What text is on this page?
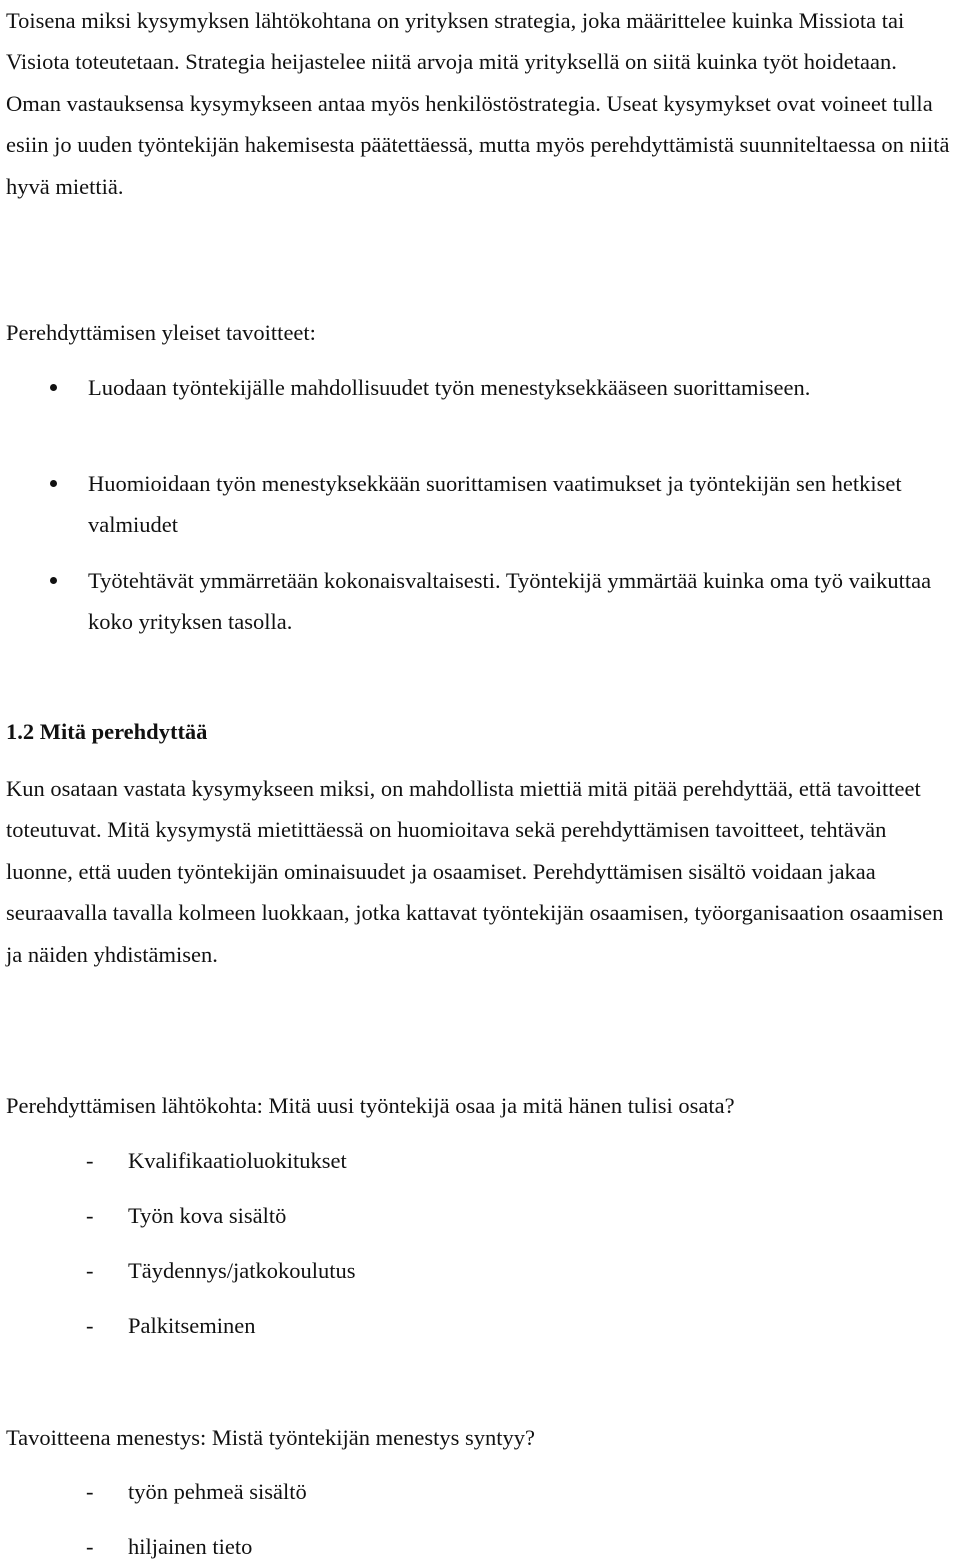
Toisena miksi kysymyksen lähtökohtana on yrityksen strategia, joka määrittelee kuinka Missiota tai Visiota toteutetaan. Strategia heijastelee niitä arvoja mitä yrityksellä on siitä kuinka työt hoidetaan. Oman vastauksensa kysymykseen antaa myös henkilöstöstrategia. Useat kysymykset ovat voineet tulla esiin jo uuden työntekijän hakemisesta päätettäessä, mutta myös perehdyttämistä suunniteltaessa on niitä hyvä miettiä.

Perehdyttämisen yleiset tavoitteet:

Luodaan työntekijälle mahdollisuudet työn menestyksekkääseen suorittamiseen.

Huomioidaan työn menestyksekkään suorittamisen vaatimukset ja työntekijän sen hetkiset valmiudet

Työtehtävät ymmärretään kokonaisvaltaisesti. Työntekijä ymmärtää kuinka oma työ vaikuttaa koko yrityksen tasolla.

1.2 Mitä perehdyttää

Kun osataan vastata kysymykseen miksi, on mahdollista miettiä mitä pitää perehdyttää, että tavoitteet toteutuvat. Mitä kysymystä mietittäessä on huomioitava sekä perehdyttämisen tavoitteet, tehtävän luonne, että uuden työntekijän ominaisuudet ja osaamiset. Perehdyttämisen sisältö voidaan jakaa seuraavalla tavalla kolmeen luokkaan, jotka kattavat työntekijän osaamisen, työorganisaation osaamisen ja näiden yhdistämisen.

Perehdyttämisen lähtökohta: Mitä uusi työntekijä osaa ja mitä hänen tulisi osata?

- Kvalifikaatioluokitukset
- Työn kova sisältö
- Täydennys/jatkokoulutus
- Palkitseminen

Tavoitteena menestys: Mistä työntekijän menestys syntyy?

- työn pehmeä sisältö
- hiljainen tieto
